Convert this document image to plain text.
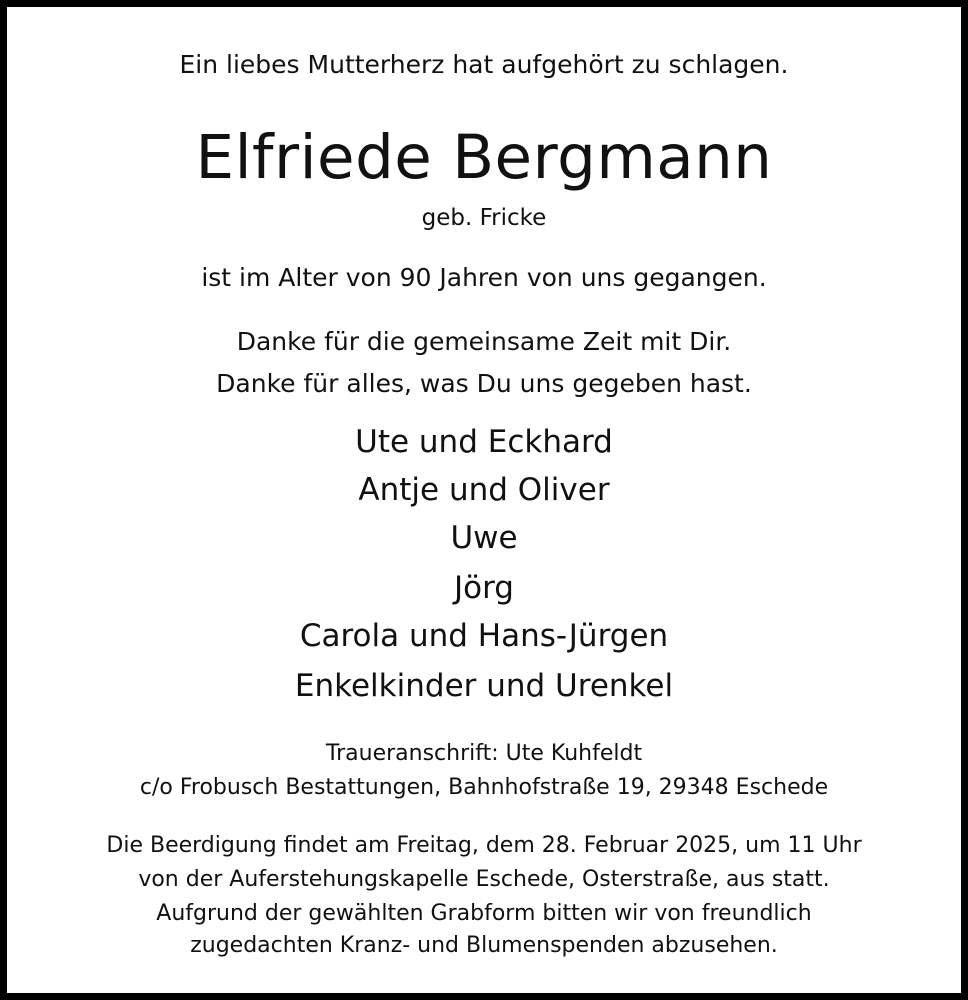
Ein liebes Mutterherz hat aufgehört zu schlagen.

Elfriede Bergmann

geb. Fricke

ist im Alter von 90 Jahren von uns gegangen.

Danke für die gemeinsame Zeit mit Dir.

Danke für alles, was Du uns gegeben hast.

Ute und Eckhard

Antje und Oliver

Uwe

Jörg

Carola und Hans-Jürgen

Enkelkinder und Urenkel

Traueranschrift: Ute Kuhfeldt

c/o Frobusch Bestattungen, Bahnhofstraße 19, 29348 Eschede

Die Beerdigung findet am Freitag, dem 28. Februar 2025, um 11 Uhr

von der Auferstehungskapelle Eschede, Osterstraße, aus statt.

Aufgrund der gewählten Grabform bitten wir von freundlich

zugedachten Kranz- und Blumenspenden abzusehen.
